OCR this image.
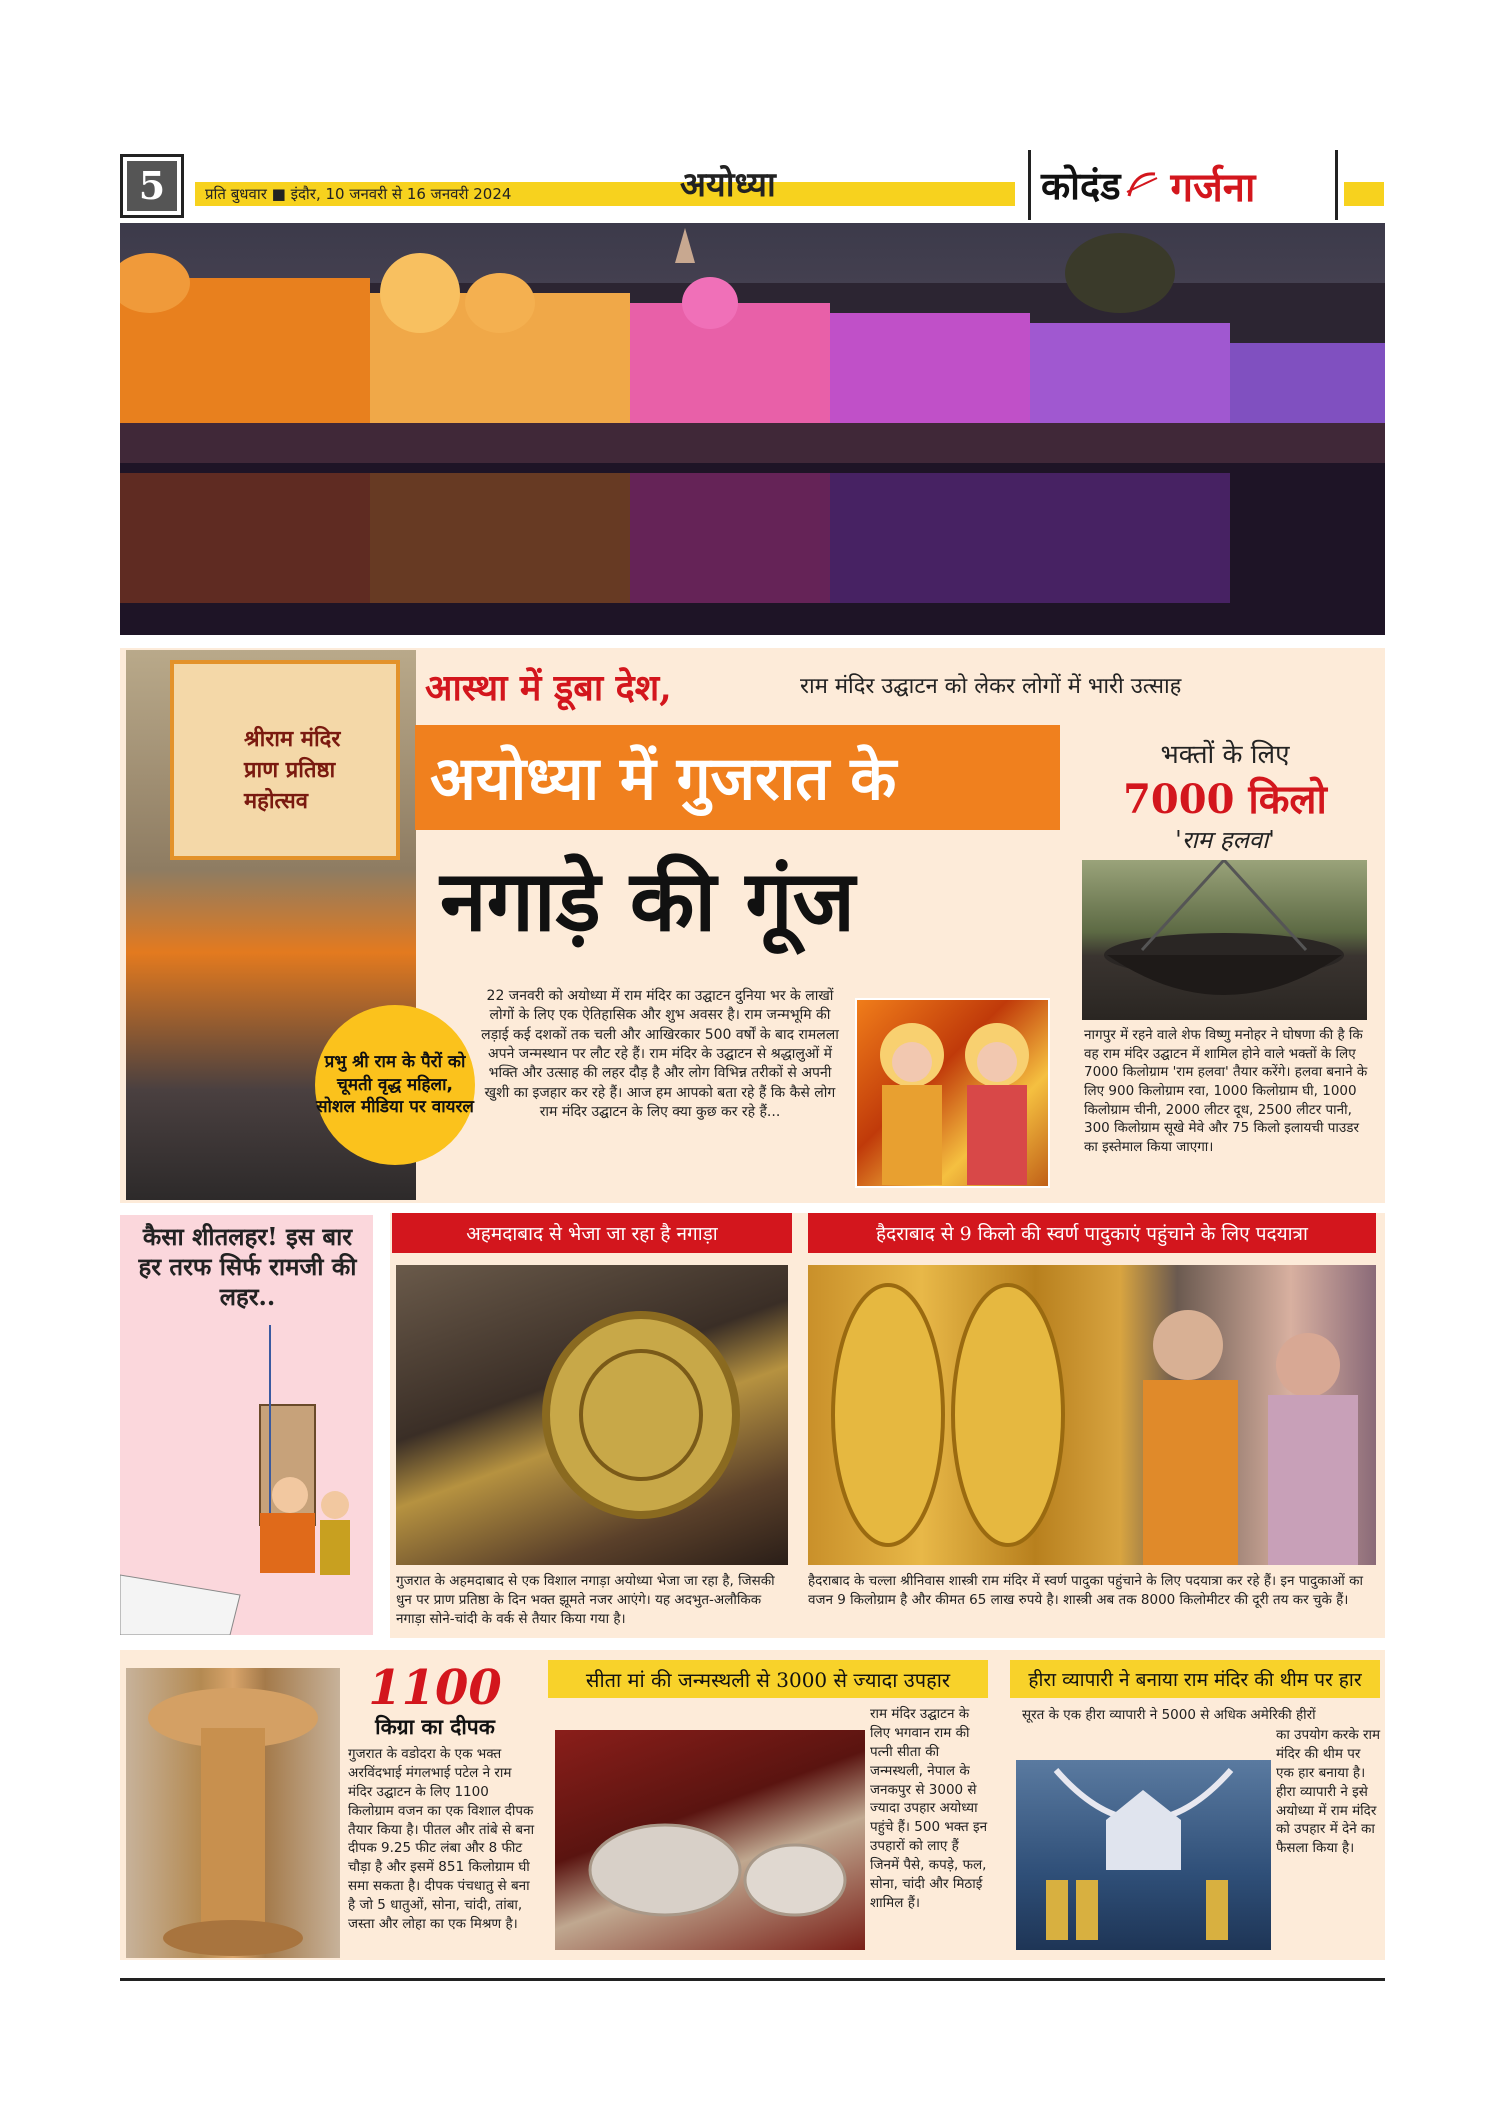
5	प्रति बुधवार ■ इंदौर, 10 जनवरी से 16 जनवरी 2024	अयोध्या	कोदंड गर्जना
श्रीराम मंदिर प्राण प्रतिष्ठा महोत्सव
प्रभु श्री राम के पैरों को चूमती वृद्ध महिला, सोशल मीडिया पर वायरल
आस्था में डूबा देश,	राम मंदिर उद्घाटन को लेकर लोगों में भारी उत्साह
अयोध्या में गुजरात के
नगाड़े की गूंज
22 जनवरी को अयोध्या में राम मंदिर का उद्घाटन दुनिया भर के लाखों लोगों के लिए एक ऐतिहासिक और शुभ अवसर है। राम जन्मभूमि की लड़ाई कई दशकों तक चली और आखिरकार 500 वर्षों के बाद रामलला अपने जन्मस्थान पर लौट रहे हैं। राम मंदिर के उद्घाटन से श्रद्धालुओं में भक्ति और उत्साह की लहर दौड़ है और लोग विभिन्न तरीकों से अपनी खुशी का इजहार कर रहे हैं। आज हम आपको बता रहे हैं कि कैसे लोग राम मंदिर उद्घाटन के लिए क्या कुछ कर रहे हैं...
भक्तों के लिए
7000 किलो
'राम हलवा'
नागपुर में रहने वाले शेफ विष्णु मनोहर ने घोषणा की है कि वह राम मंदिर उद्घाटन में शामिल होने वाले भक्तों के लिए 7000 किलोग्राम 'राम हलवा' तैयार करेंगे। हलवा बनाने के लिए 900 किलोग्राम रवा, 1000 किलोग्राम घी, 1000 किलोग्राम चीनी, 2000 लीटर दूध, 2500 लीटर पानी, 300 किलोग्राम सूखे मेवे और 75 किलो इलायची पाउडर का इस्तेमाल किया जाएगा।
कैसा शीतलहर! इस बार हर तरफ सिर्फ रामजी की लहर..
अहमदाबाद से भेजा जा रहा है नगाड़ा	हैदराबाद से 9 किलो की स्वर्ण पादुकाएं पहुंचाने के लिए पदयात्रा
गुजरात के अहमदाबाद से एक विशाल नगाड़ा अयोध्या भेजा जा रहा है, जिसकी धुन पर प्राण प्रतिष्ठा के दिन भक्त झूमते नजर आएंगे। यह अदभुत-अलौकिक नगाड़ा सोने-चांदी के वर्क से तैयार किया गया है।
हैदराबाद के चल्ला श्रीनिवास शास्त्री राम मंदिर में स्वर्ण पादुका पहुंचाने के लिए पदयात्रा कर रहे हैं। इन पादुकाओं का वजन 9 किलोग्राम है और कीमत 65 लाख रुपये है। शास्त्री अब तक 8000 किलोमीटर की दूरी तय कर चुके हैं।
1100
किग्रा का दीपक
गुजरात के वडोदरा के एक भक्त अरविंदभाई मंगलभाई पटेल ने राम मंदिर उद्घाटन के लिए 1100 किलोग्राम वजन का एक विशाल दीपक तैयार किया है। पीतल और तांबे से बना दीपक 9.25 फीट लंबा और 8 फीट चौड़ा है और इसमें 851 किलोग्राम घी समा सकता है। दीपक पंचधातु से बना है जो 5 धातुओं, सोना, चांदी, तांबा, जस्ता और लोहा का एक मिश्रण है।
सीता मां की जन्मस्थली से 3000 से ज्यादा उपहार
राम मंदिर उद्घाटन के लिए भगवान राम की पत्नी सीता की जन्मस्थली, नेपाल के जनकपुर से 3000 से ज्यादा उपहार अयोध्या पहुंचे हैं। 500 भक्त इन उपहारों को लाए हैं जिनमें पैसे, कपड़े, फल, सोना, चांदी और मिठाई शामिल हैं।
हीरा व्यापारी ने बनाया राम मंदिर की थीम पर हार
सूरत के एक हीरा व्यापारी ने 5000 से अधिक अमेरिकी हीरों
का उपयोग करके राम मंदिर की थीम पर एक हार बनाया है। हीरा व्यापारी ने इसे अयोध्या में राम मंदिर को उपहार में देने का फैसला किया है।
